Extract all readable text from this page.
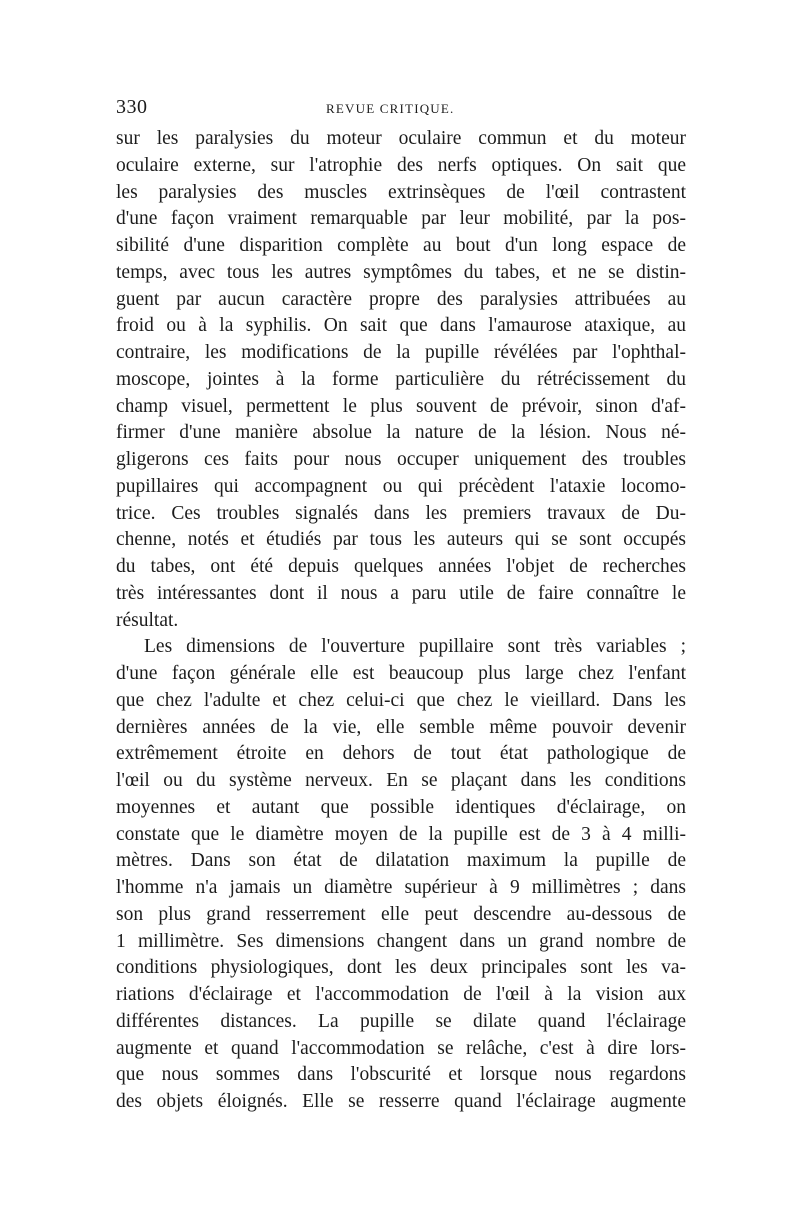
330	REVUE CRITIQUE.
sur les paralysies du moteur oculaire commun et du moteur
oculaire externe, sur l'atrophie des nerfs optiques. On sait que
les paralysies des muscles extrinsèques de l'œil contrastent
d'une façon vraiment remarquable par leur mobilité, par la pos-
sibilité d'une disparition complète au bout d'un long espace de
temps, avec tous les autres symptômes du tabes, et ne se distin-
guent par aucun caractère propre des paralysies attribuées au
froid ou à la syphilis. On sait que dans l'amaurose ataxique, au
contraire, les modifications de la pupille révélées par l'ophthal-
moscope, jointes à la forme particulière du rétrécissement du
champ visuel, permettent le plus souvent de prévoir, sinon d'af-
firmer d'une manière absolue la nature de la lésion. Nous né-
gligerons ces faits pour nous occuper uniquement des troubles
pupillaires qui accompagnent ou qui précèdent l'ataxie locomo-
trice. Ces troubles signalés dans les premiers travaux de Du-
chenne, notés et étudiés par tous les auteurs qui se sont occupés
du tabes, ont été depuis quelques années l'objet de recherches
très intéressantes dont il nous a paru utile de faire connaître le
résultat.
Les dimensions de l'ouverture pupillaire sont très variables ;
d'une façon générale elle est beaucoup plus large chez l'enfant
que chez l'adulte et chez celui-ci que chez le vieillard. Dans les
dernières années de la vie, elle semble même pouvoir devenir
extrêmement étroite en dehors de tout état pathologique de
l'œil ou du système nerveux. En se plaçant dans les conditions
moyennes et autant que possible identiques d'éclairage, on
constate que le diamètre moyen de la pupille est de 3 à 4 milli-
mètres. Dans son état de dilatation maximum la pupille de
l'homme n'a jamais un diamètre supérieur à 9 millimètres ; dans
son plus grand resserrement elle peut descendre au-dessous de
1 millimètre. Ses dimensions changent dans un grand nombre de
conditions physiologiques, dont les deux principales sont les va-
riations d'éclairage et l'accommodation de l'œil à la vision aux
différentes distances. La pupille se dilate quand l'éclairage
augmente et quand l'accommodation se relâche, c'est à dire lors-
que nous sommes dans l'obscurité et lorsque nous regardons
des objets éloignés. Elle se resserre quand l'éclairage augmente
